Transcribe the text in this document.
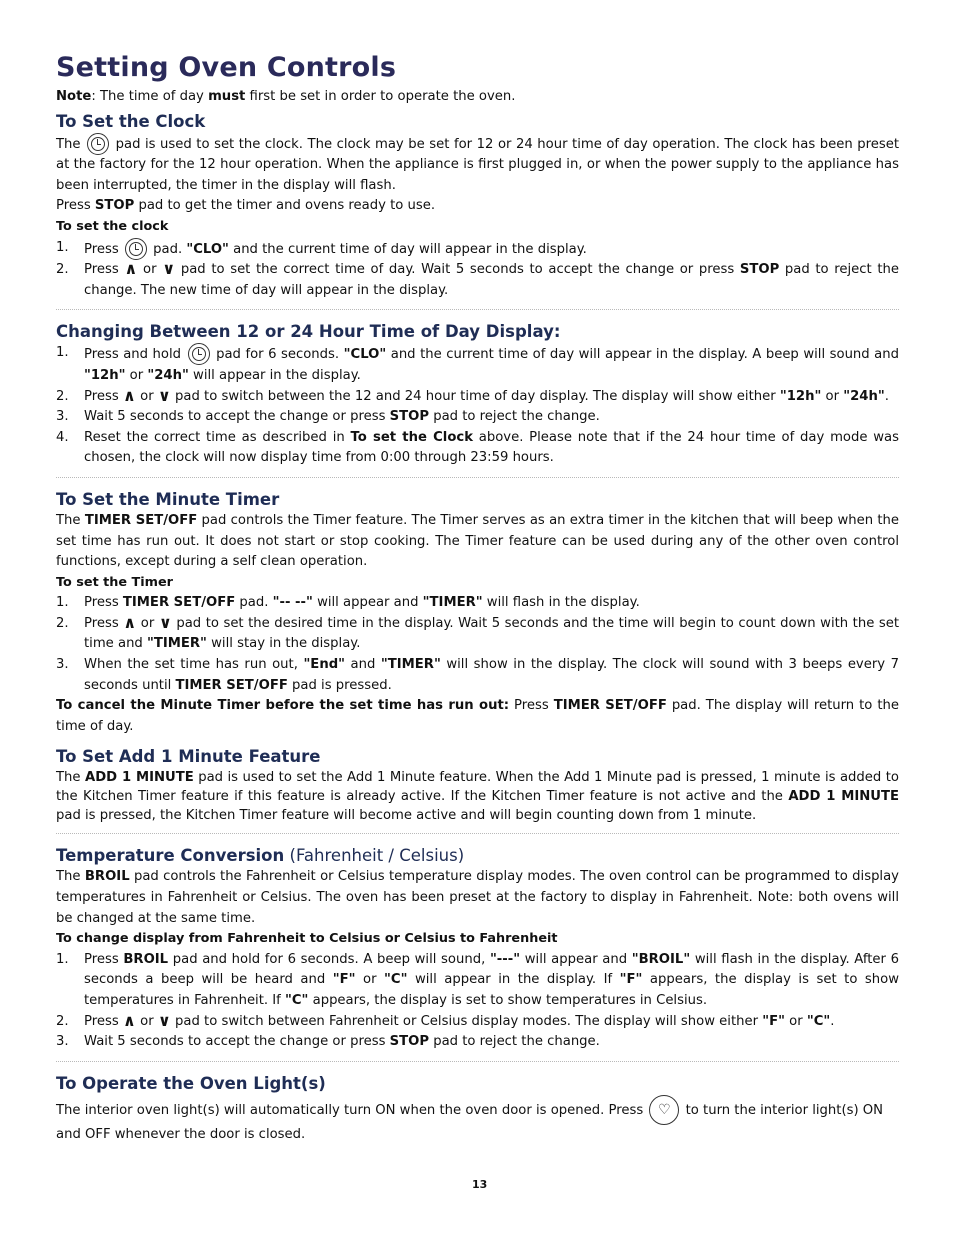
Setting Oven Controls

Note: The time of day must first be set in order to operate the oven.

To Set the Clock

The	pad is used to set the clock. The clock may be set for 12 or 24 hour time of day operation. The clock has been preset at the factory for the 12 hour operation. When the appliance is first plugged in, or when the power supply to the appliance has been interrupted, the timer in the display will flash.

Press STOP pad to get the timer and ovens ready to use.

To set the clock
1. Press	pad. "CLO" and the current time of day will appear in the display.
2. Press ∧ or ∨ pad to set the correct time of day. Wait 5 seconds to accept the change or press STOP pad to reject the change. The new time of day will appear in the display.
Changing Between 12 or 24 Hour Time of Day Display:
1. Press and hold	pad for 6 seconds. "CLO" and the current time of day will appear in the display. A beep will sound and "12h" or "24h" will appear in the display.
2. Press ∧ or ∨ pad to switch between the 12 and 24 hour time of day display. The display will show either "12h" or "24h".
3. Wait 5 seconds to accept the change or press STOP pad to reject the change.
4. Reset the correct time as described in To set the Clock above. Please note that if the 24 hour time of day mode was chosen, the clock will now display time from 0:00 through 23:59 hours.
To Set the Minute Timer

The TIMER SET/OFF pad controls the Timer feature. The Timer serves as an extra timer in the kitchen that will beep when the set time has run out. It does not start or stop cooking. The Timer feature can be used during any of the other oven control functions, except during a self clean operation.

To set the Timer
1. Press TIMER SET/OFF pad. "-- --" will appear and "TIMER" will flash in the display.
2. Press ∧ or ∨ pad to set the desired time in the display. Wait 5 seconds and the time will begin to count down with the set time and "TIMER" will stay in the display.
3. When the set time has run out, "End" and "TIMER" will show in the display. The clock will sound with 3 beeps every 7 seconds until TIMER SET/OFF pad is pressed.

To cancel the Minute Timer before the set time has run out: Press TIMER SET/OFF pad. The display will return to the time of day.

To Set Add 1 Minute Feature

The ADD 1 MINUTE pad is used to set the Add 1 Minute feature. When the Add 1 Minute pad is pressed, 1 minute is added to the Kitchen Timer feature if this feature is already active. If the Kitchen Timer feature is not active and the ADD 1 MINUTE pad is pressed, the Kitchen Timer feature will become active and will begin counting down from 1 minute.

Temperature Conversion (Fahrenheit / Celsius)

The BROIL pad controls the Fahrenheit or Celsius temperature display modes. The oven control can be programmed to display temperatures in Fahrenheit or Celsius. The oven has been preset at the factory to display in Fahrenheit. Note: both ovens will be changed at the same time.

To change display from Fahrenheit to Celsius or Celsius to Fahrenheit
1. Press BROIL pad and hold for 6 seconds. A beep will sound, "---" will appear and "BROIL" will flash in the display. After 6 seconds a beep will be heard and "F" or "C" will appear in the display. If "F" appears, the display is set to show temperatures in Fahrenheit. If "C" appears, the display is set to show temperatures in Celsius.
2. Press ∧ or ∨ pad to switch between Fahrenheit or Celsius display modes. The display will show either "F" or "C".
3. Wait 5 seconds to accept the change or press STOP pad to reject the change.
To Operate the Oven Light(s)

The interior oven light(s) will automatically turn ON when the oven door is opened. Press ♡ to turn the interior light(s) ON and OFF whenever the door is closed.

13
